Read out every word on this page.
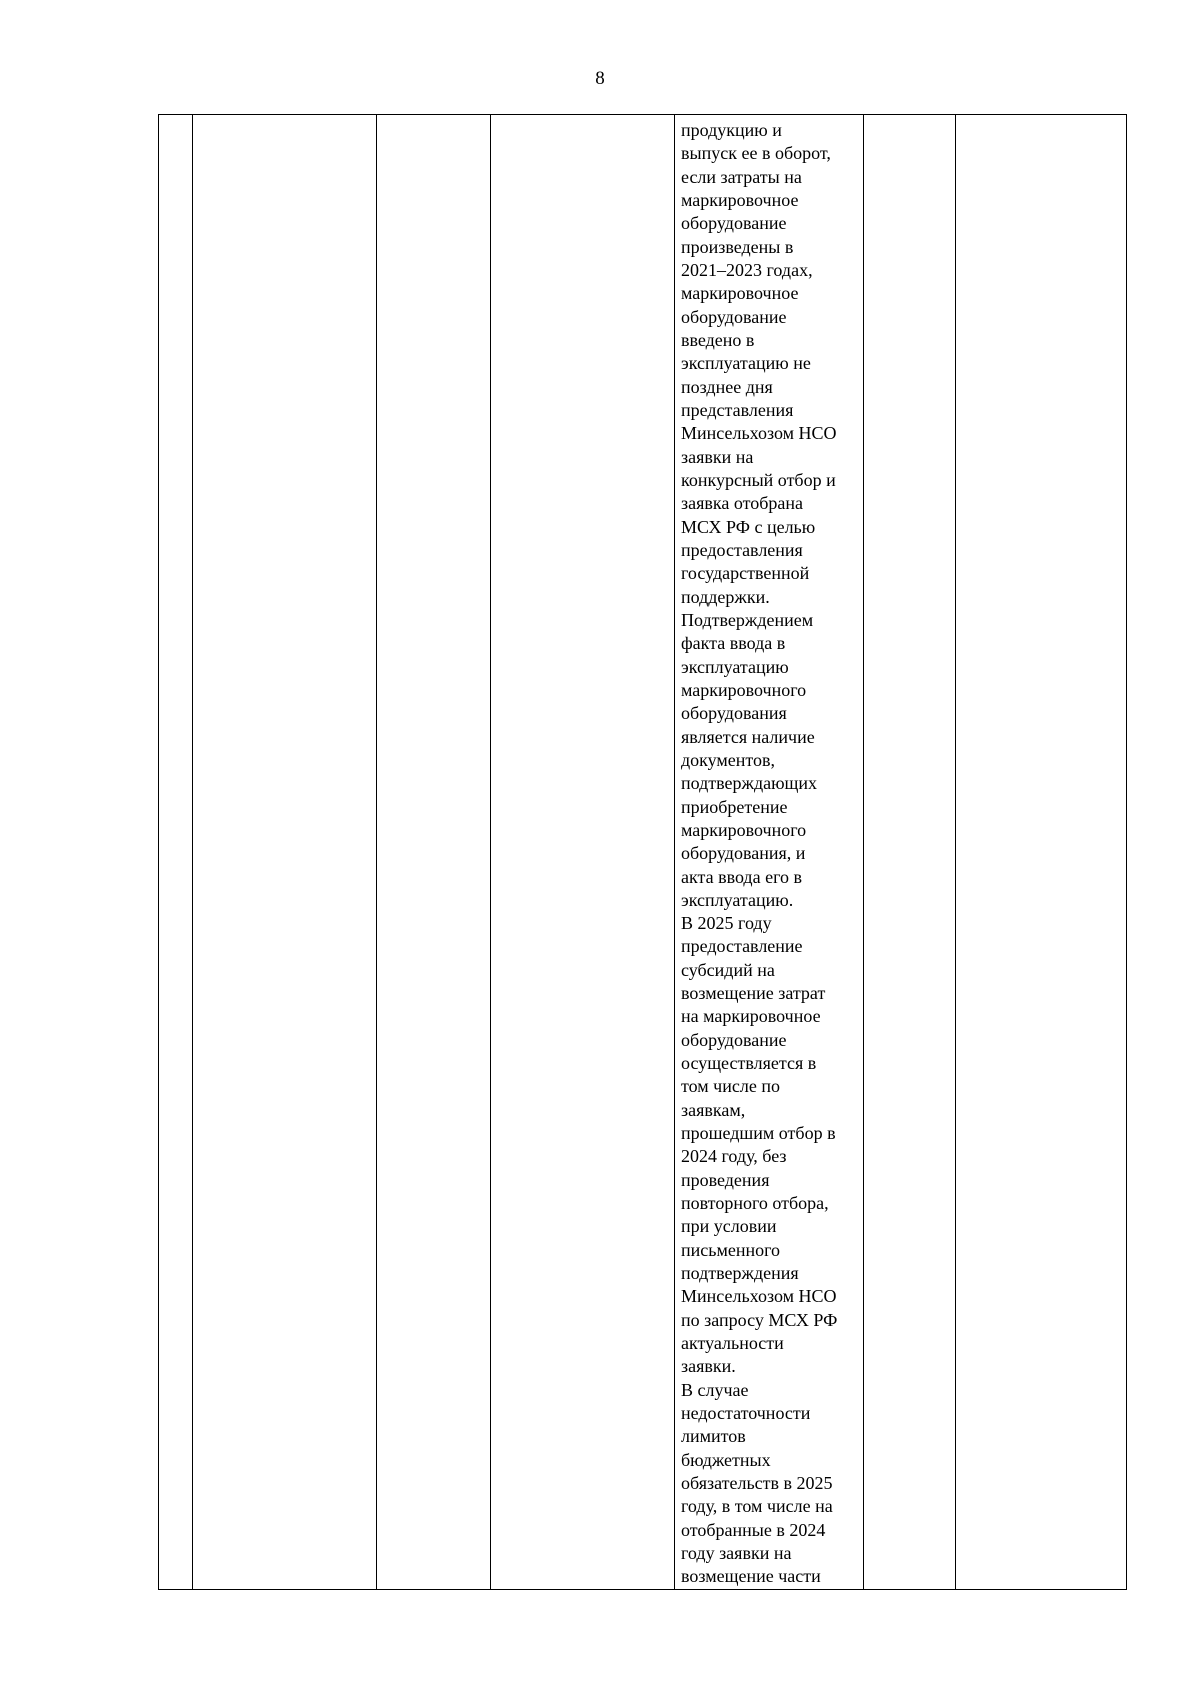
8
				продукцию и
выпуск ее в оборот,
если затраты на
маркировочное
оборудование
произведены в
2021–2023 годах,
маркировочное
оборудование
введено в
эксплуатацию не
позднее дня
представления
Минсельхозом НСО
заявки на
конкурсный отбор и
заявка отобрана
МСХ РФ с целью
предоставления
государственной
поддержки.
Подтверждением
факта ввода в
эксплуатацию
маркировочного
оборудования
является наличие
документов,
подтверждающих
приобретение
маркировочного
оборудования, и
акта ввода его в
эксплуатацию.
В 2025 году
предоставление
субсидий на
возмещение затрат
на маркировочное
оборудование
осуществляется в
том числе по
заявкам,
прошедшим отбор в
2024 году, без
проведения
повторного отбора,
при условии
письменного
подтверждения
Минсельхозом НСО
по запросу МСХ РФ
актуальности
заявки.
В случае
недостаточности
лимитов
бюджетных
обязательств в 2025
году, в том числе на
отобранные в 2024
году заявки на
возмещение части		
